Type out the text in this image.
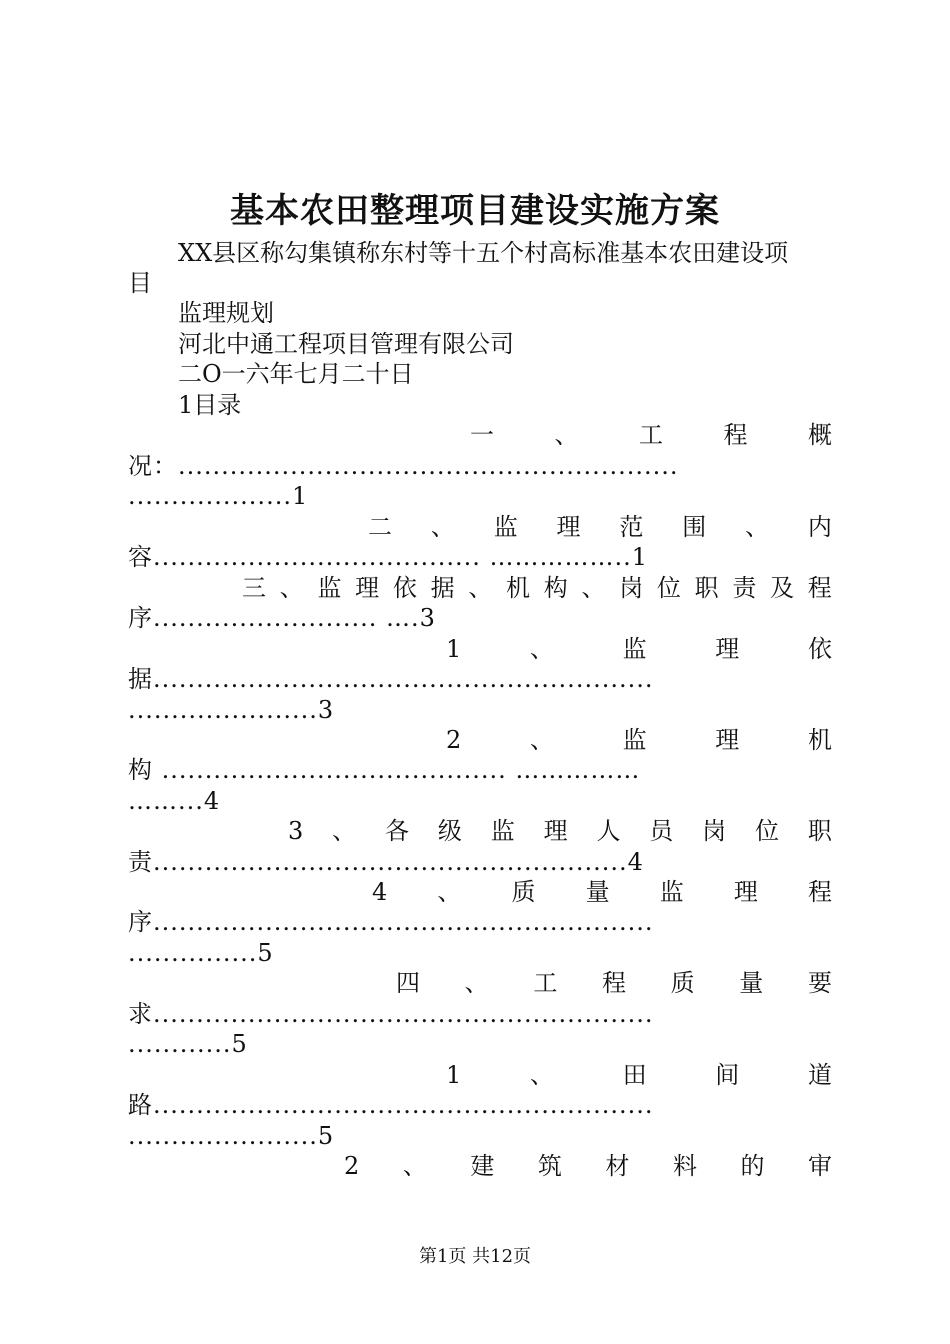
基本农田整理项目建设实施方案
XX县区称勾集镇称东村等十五个村高标准基本农田建设项
目
监理规划
河北中通工程项目管理有限公司
二O一六年七月二十日
1目录
一	、	工	程	概
况：..........................................................
...................1
二 、 监 理 范 围 、 内
容...................................... ……………..1
三 、 监 理 依 据 、 机 构 、 岗 位 职 责 及 程
序.......................... ….3
1	、	监	理	依
据..........................................................
......................3
2	、	监	理	机
构 ........................................ ……………
……...4
3 、 各 级 监 理 人 员 岗 位 职
责.......................................................4
4 、 质 量 监 理 程
序..........................................................
...............5
四 、 工 程 质 量 要
求..........................................................
............5
1	、	田	间	道
路..........................................................
......................5
2 、 建 筑 材 料 的 审
第1页 共12页
